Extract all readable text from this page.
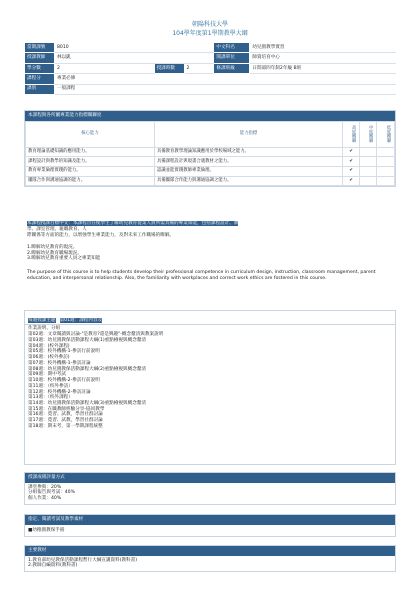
朝陽科技大學
104學年度第1學期教學大綱
當期課號	8010			中文科名	幼兒園教學實習
授課教師	林以凱			開課單位	師資培育中心
學分數	2	授課時數	2	修課班級	日間部四年制2年級 B班
課程分	專業必修				
課別	一般課程				
本課程與各所屬專業能力指標關聯度
核心能力	能力指標	高度關聯	中度關聯	低度關聯
教育理論基礎知識的應用能力。	具備教育教學理論知識應用於學校場域之能力。	✔		
課程設計與教學的知識及能力。	具備課程設計與規畫合適教材之能力。	✔		
教育專業倫理實踐的能力。	認識並能實踐教師專業倫理。	✔		
團隊合作與溝通協調的能力。	具備團隊合作能力與溝通協調之能力。	✔		

本課程授課目標中文：本課程旨在使學生了解幼兒教育從業人員所需具備的專業知能，包括課程設計、教

學、課室管理、親職教育、人
際關係等方面的能力，以增強學生專業能力，及對未來工作職場的瞭解。
1.瞭解幼兒教育的現況。
2.瞭解幼兒教育職場現況。
3.瞭解幼兒教育重要人員之專業知能
The purpose of this course is to help students develop their professional competence in curriculum design, instruction, classroom management, parent education, and interpersonal relationship. Also, the familiarity with workplaces and correct work ethics are fostered in this course.

每週授課主題 第01週：課程內容及

作業說明、分組
第02週：文章閱讀與討論-"是教育?還是興趣"-概念釐清與教案說明
第03週：幼兒園教保活動課程大綱(1)重點檢視與概念釐清
第04週：(校外課程)
第05週：校外機構-1-參訪行前說明
第06週：(校外參訪)
第07週：校外機構-1-參訪討論
第08週：幼兒園教保活動課程大綱(2)重點檢視與概念釐清
第09週：期中考試
第10週：校外機構-2-參訪行前說明
第11週：（校外參訪）
第12週：校外機構-2-參訪討論
第13週：（校外課程）
第14週：幼兒園教保活動課程大綱(3)重點檢視與概念釐清
第15週：在職教師經驗分享-協同教學
第16週：覓習、試教，學習社群討論
第17週：覓習、試教，學習社群討論
第18週：期末考，第一學期課程統整
授課成績評量方式
課堂參與：20%
分組報告與考試：40%
個人作業：40%
指定、閱讀考試及教學素材
■幼稚園教保手冊
主要教材
1.教育部幼兒教保活動課程暫行大綱宣講資料(教科書)
2.教師自編資料(教科書)
